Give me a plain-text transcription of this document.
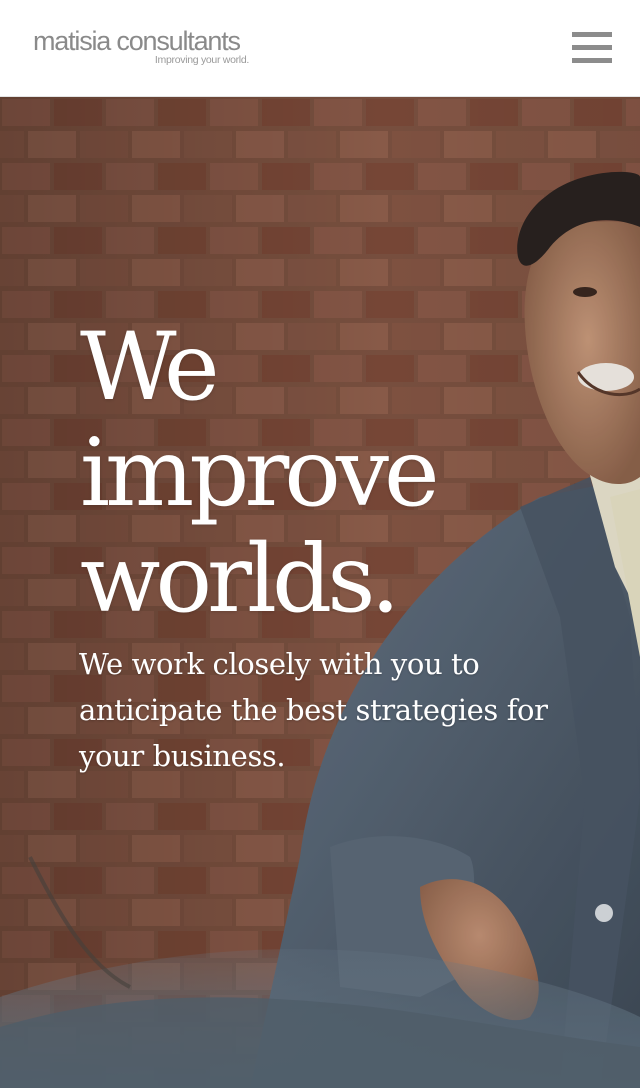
matisia consultants
Improving your world.
We
improve
worlds.

We work closely with you to anticipate the best strategies for your business.
